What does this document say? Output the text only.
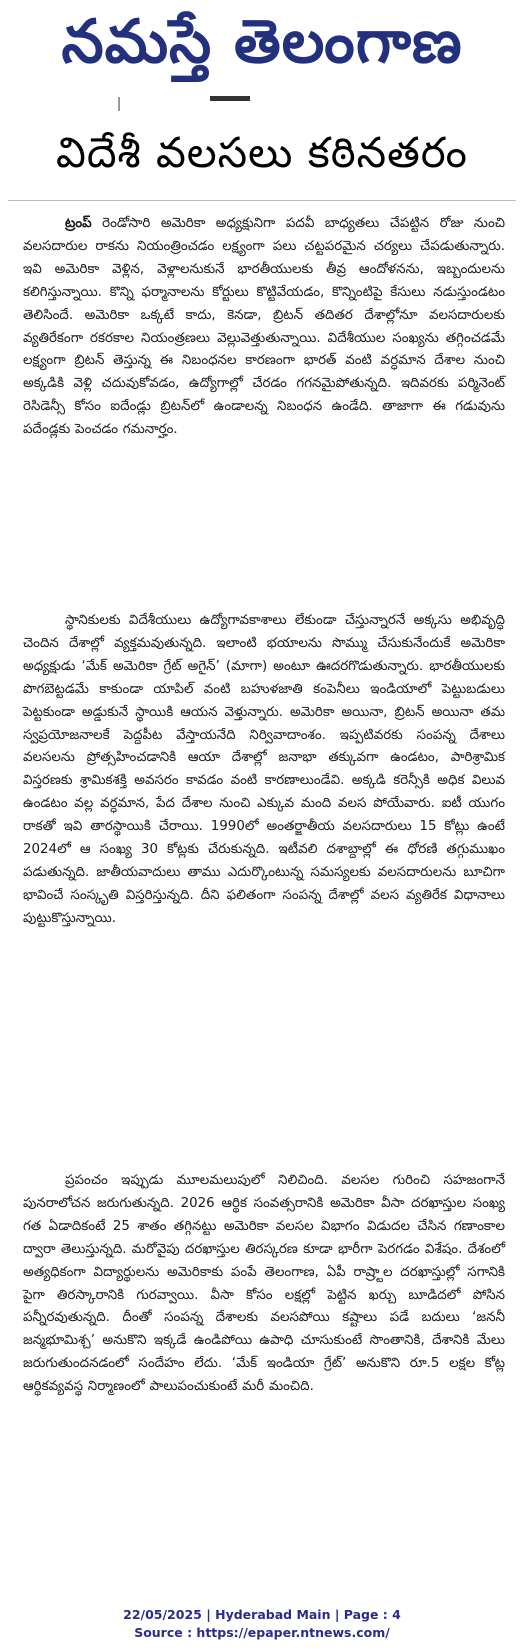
నమస్తే తెలంగాణ
విదేశీ వలసలు కఠినతరం

ట్రంప్ రెండోసారి అమెరికా అధ్యక్షునిగా పదవీ బాధ్యతలు చేపట్టిన రోజు నుంచి వలసదారుల రాకను నియంత్రించడం లక్ష్యంగా పలు చట్టపరమైన చర్యలు చేపడుతున్నారు. ఇవి అమెరికా వెళ్లిన, వెళ్లాలనుకునే భారతీయులకు తీవ్ర ఆందోళనను, ఇబ్బందులను కలిగిస్తున్నాయి. కొన్ని ఫర్మానాలను కోర్టులు కొట్టివేయడం, కొన్నింటిపై కేసులు నడుస్తుండటం తెలిసిందే. అమెరికా ఒక్కటే కాదు, కెనడా, బ్రిటన్ తదితర దేశాల్లోనూ వలసదారులకు వ్యతిరేకంగా రకరకాల నియంత్రణలు వెల్లువెత్తుతున్నాయి. విదేశీయుల సంఖ్యను తగ్గించడమే లక్ష్యంగా బ్రిటన్ తెస్తున్న ఈ నిబంధనల కారణంగా భారత్ వంటి వర్ధమాన దేశాల నుంచి అక్కడికి వెళ్లి చదువుకోవడం, ఉద్యోగాల్లో చేరడం గగనమైపోతున్నది. ఇదివరకు పర్మినెంట్ రెసిడెన్సీ కోసం ఐదేండ్లు బ్రిటన్‌లో ఉండాలన్న నిబంధన ఉండేది. తాజాగా ఈ గడువును పదేండ్లకు పెంచడం గమనార్హం.

స్థానికులకు విదేశీయులు ఉద్యోగావకాశాలు లేకుండా చేస్తున్నారనే అక్కసు అభివృద్ధి చెందిన దేశాల్లో వ్యక్తమవుతున్నది. ఇలాంటి భయాలను సొమ్ము చేసుకునేందుకే అమెరికా అధ్యక్షుడు ‘మేక్ అమెరికా గ్రేట్ అగైన్’ (మాగా) అంటూ ఊదరగొడుతున్నారు. భారతీయులకు పొగబెట్టడమే కాకుండా యాపిల్ వంటి బహుళజాతి కంపెనీలు ఇండియాలో పెట్టుబడులు పెట్టకుండా అడ్డుకునే స్థాయికి ఆయన వెళ్తున్నారు. అమెరికా అయినా, బ్రిటన్ అయినా తమ స్వప్రయోజనాలకే పెద్దపీట వేస్తాయనేది నిర్వివాదాంశం. ఇప్పటివరకు సంపన్న దేశాలు వలసలను ప్రోత్సహించడానికి ఆయా దేశాల్లో జనాభా తక్కువగా ఉండటం, పారిశ్రామిక విస్తరణకు శ్రామికశక్తి అవసరం కావడం వంటి కారణాలుండేవి. అక్కడి కరెన్సీకి అధిక విలువ ఉండటం వల్ల వర్ధమాన, పేద దేశాల నుంచి ఎక్కువ మంది వలస పోయేవారు. ఐటీ యుగం రాకతో ఇవి తారస్థాయికి చేరాయి. 1990లో అంతర్జాతీయ వలసదారులు 15 కోట్లు ఉంటే 2024లో ఆ సంఖ్య 30 కోట్లకు చేరుకున్నది. ఇటీవలి దశాబ్దాల్లో ఈ ధోరణి తగ్గుముఖం పడుతున్నది. జాతీయవాదులు తాము ఎదుర్కొంటున్న సమస్యలకు వలసదారులను బూచిగా భావించే సంస్కృతి విస్తరిస్తున్నది. దీని ఫలితంగా సంపన్న దేశాల్లో వలస వ్యతిరేక విధానాలు పుట్టుకొస్తున్నాయి.

ప్రపంచం ఇప్పుడు మూలమలుపులో నిలిచింది. వలసల గురించి సహజంగానే పునరాలోచన జరుగుతున్నది. 2026 ఆర్థిక సంవత్సరానికి అమెరికా వీసా దరఖాస్తుల సంఖ్య గత ఏడాదికంటే 25 శాతం తగ్గినట్టు అమెరికా వలసల విభాగం విడుదల చేసిన గణాంకాల ద్వారా తెలుస్తున్నది. మరోవైపు దరఖాస్తుల తిరస్కరణ కూడా భారీగా పెరగడం విశేషం. దేశంలో అత్యధికంగా విద్యార్థులను అమెరికాకు పంపే తెలంగాణ, ఏపీ రాష్ర్టాల దరఖాస్తుల్లో సగానికి పైగా తిరస్కారానికి గురవ్వాయి. వీసా కోసం లక్షల్లో పెట్టిన ఖర్చు బూడిదలో పోసిన పన్నీరవుతున్నది. దీంతో సంపన్న దేశాలకు వలసపోయి కష్టాలు పడే బదులు ‘జననీ జన్మభూమిశ్చ’ అనుకొని ఇక్కడే ఉండిపోయి ఉపాధి చూసుకుంటే సొంతానికి, దేశానికి మేలు జరుగుతుందనడంలో సందేహం లేదు. ‘మేక్ ఇండియా గ్రేట్’ అనుకొని రూ.5 లక్షల కోట్ల ఆర్థికవ్యవస్థ నిర్మాణంలో పాలుపంచుకుంటే మరీ మంచిది.

22/05/2025 | Hyderabad Main | Page : 4
Source : https://epaper.ntnews.com/
